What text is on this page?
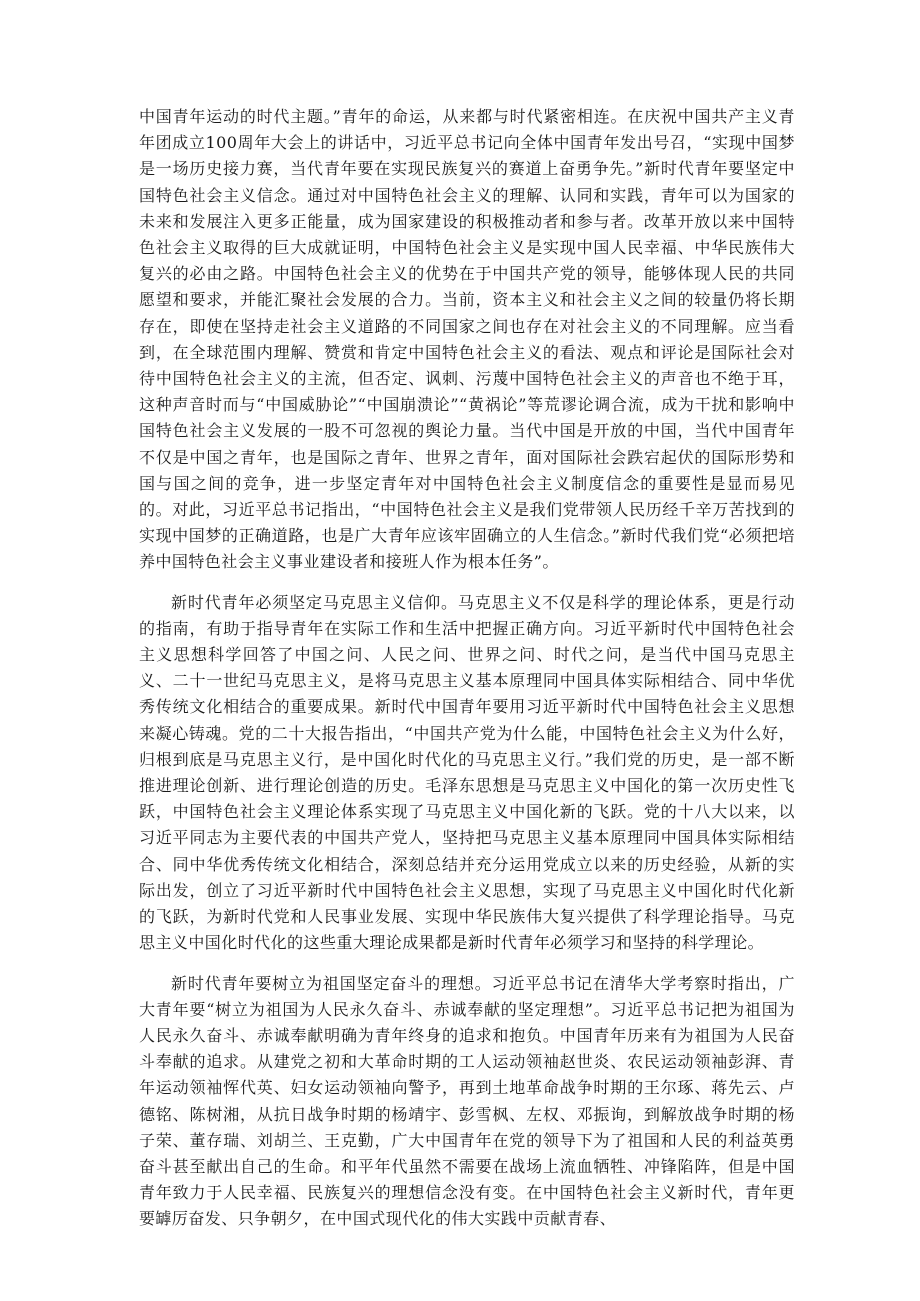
中国青年运动的时代主题。”青年的命运，从来都与时代紧密相连。在庆祝中国共产主义青年团成立100周年大会上的讲话中，习近平总书记向全体中国青年发出号召，“实现中国梦是一场历史接力赛，当代青年要在实现民族复兴的赛道上奋勇争先。”新时代青年要坚定中国特色社会主义信念。通过对中国特色社会主义的理解、认同和实践，青年可以为国家的未来和发展注入更多正能量，成为国家建设的积极推动者和参与者。改革开放以来中国特色社会主义取得的巨大成就证明，中国特色社会主义是实现中国人民幸福、中华民族伟大复兴的必由之路。中国特色社会主义的优势在于中国共产党的领导，能够体现人民的共同愿望和要求，并能汇聚社会发展的合力。当前，资本主义和社会主义之间的较量仍将长期存在，即使在坚持走社会主义道路的不同国家之间也存在对社会主义的不同理解。应当看到，在全球范围内理解、赞赏和肯定中国特色社会主义的看法、观点和评论是国际社会对待中国特色社会主义的主流，但否定、讽刺、污蔑中国特色社会主义的声音也不绝于耳，这种声音时而与“中国威胁论”“中国崩溃论”“黄祸论”等荒谬论调合流，成为干扰和影响中国特色社会主义发展的一股不可忽视的舆论力量。当代中国是开放的中国，当代中国青年不仅是中国之青年，也是国际之青年、世界之青年，面对国际社会跌宕起伏的国际形势和国与国之间的竞争，进一步坚定青年对中国特色社会主义制度信念的重要性是显而易见的。对此，习近平总书记指出，“中国特色社会主义是我们党带领人民历经千辛万苦找到的实现中国梦的正确道路，也是广大青年应该牢固确立的人生信念。”新时代我们党“必须把培养中国特色社会主义事业建设者和接班人作为根本任务”。

新时代青年必须坚定马克思主义信仰。马克思主义不仅是科学的理论体系，更是行动的指南，有助于指导青年在实际工作和生活中把握正确方向。习近平新时代中国特色社会主义思想科学回答了中国之问、人民之问、世界之问、时代之问，是当代中国马克思主义、二十一世纪马克思主义，是将马克思主义基本原理同中国具体实际相结合、同中华优秀传统文化相结合的重要成果。新时代中国青年要用习近平新时代中国特色社会主义思想来凝心铸魂。党的二十大报告指出，“中国共产党为什么能，中国特色社会主义为什么好，归根到底是马克思主义行，是中国化时代化的马克思主义行。”我们党的历史，是一部不断推进理论创新、进行理论创造的历史。毛泽东思想是马克思主义中国化的第一次历史性飞跃，中国特色社会主义理论体系实现了马克思主义中国化新的飞跃。党的十八大以来，以习近平同志为主要代表的中国共产党人，坚持把马克思主义基本原理同中国具体实际相结合、同中华优秀传统文化相结合，深刻总结并充分运用党成立以来的历史经验，从新的实际出发，创立了习近平新时代中国特色社会主义思想，实现了马克思主义中国化时代化新的飞跃，为新时代党和人民事业发展、实现中华民族伟大复兴提供了科学理论指导。马克思主义中国化时代化的这些重大理论成果都是新时代青年必须学习和坚持的科学理论。

新时代青年要树立为祖国坚定奋斗的理想。习近平总书记在清华大学考察时指出，广大青年要“树立为祖国为人民永久奋斗、赤诚奉献的坚定理想”。习近平总书记把为祖国为人民永久奋斗、赤诚奉献明确为青年终身的追求和抱负。中国青年历来有为祖国为人民奋斗奉献的追求。从建党之初和大革命时期的工人运动领袖赵世炎、农民运动领袖彭湃、青年运动领袖恽代英、妇女运动领袖向警予，再到土地革命战争时期的王尔琢、蒋先云、卢德铭、陈树湘，从抗日战争时期的杨靖宇、彭雪枫、左权、邓振询，到解放战争时期的杨子荣、董存瑞、刘胡兰、王克勤，广大中国青年在党的领导下为了祖国和人民的利益英勇奋斗甚至献出自己的生命。和平年代虽然不需要在战场上流血牺牲、冲锋陷阵，但是中国青年致力于人民幸福、民族复兴的理想信念没有变。在中国特色社会主义新时代，青年更要罅厉奋发、只争朝夕，在中国式现代化的伟大实践中贡献青春、
